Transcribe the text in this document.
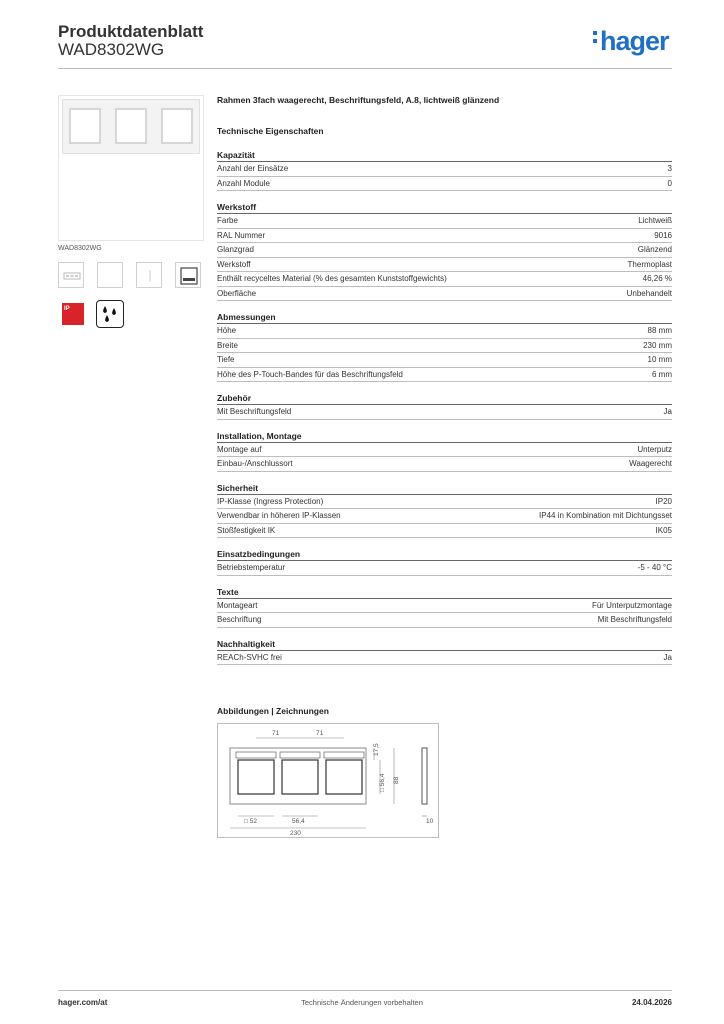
Produktdatenblatt
WAD8302WG	hager
WAD8302WG
IP
Rahmen 3fach waagerecht, Beschriftungsfeld, A.8, lichtweiß glänzend
Technische Eigenschaften
Kapazität
Anzahl der Einsätze	3
Anzahl Module	0
Werkstoff
Farbe	Lichtweiß
RAL Nummer	9016
Glanzgrad	Glänzend
Werkstoff	Thermoplast
Enthält recyceltes Material (% des gesamten Kunststoffgewichts)	46,26 %
Oberfläche	Unbehandelt
Abmessungen
Höhe	88 mm
Breite	230 mm
Tiefe	10 mm
Höhe des P-Touch-Bandes für das Beschriftungsfeld	6 mm
Zubehör
Mit Beschriftungsfeld	Ja
Installation, Montage
Montage auf	Unterputz
Einbau-/Anschlussort	Waagerecht
Sicherheit
IP-Klasse (Ingress Protection)	IP20
Verwendbar in höheren IP-Klassen	IP44 in Kombination mit Dichtungsset
Stoßfestigkeit IK	IK05
Einsatzbedingungen
Betriebstemperatur	-5 - 40 °C
Texte
Montageart	Für Unterputzmontage
Beschriftung	Mit Beschriftungsfeld
Nachhaltigkeit
REACh-SVHC frei	Ja
Abbildungen | Zeichnungen
71	71
17,5
□ 56,4 88
□ 52	56,4
230
10
hager.com/at	Technische Änderungen vorbehalten	24.04.2026
